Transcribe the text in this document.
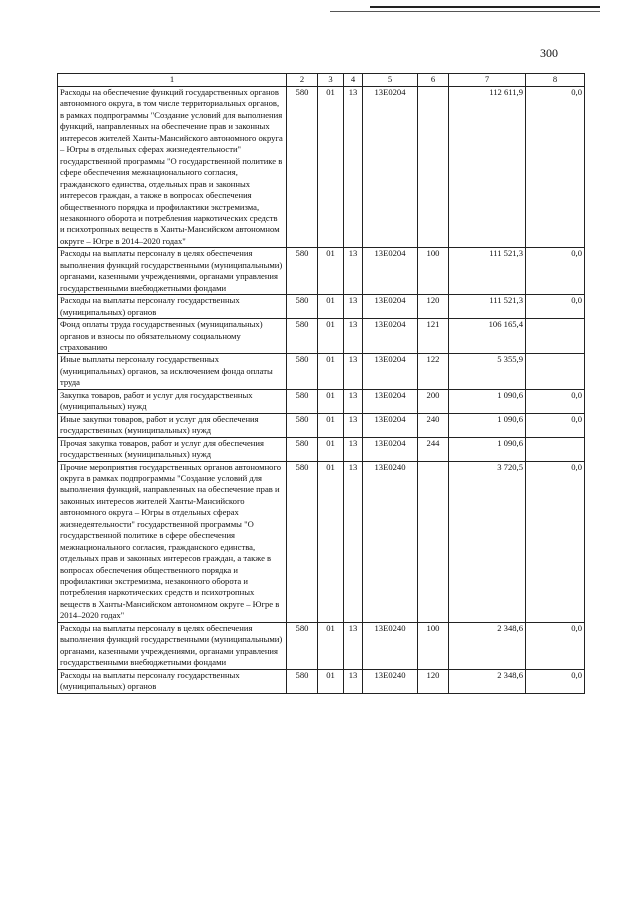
300
1	2	3	4	5	6	7	8
Расходы на обеспечение функций государственных органов автономного округа, в том числе территориальных органов, в рамках подпрограммы "Создание условий для выполнения функций, направленных на обеспечение прав и законных интересов жителей Ханты-Мансийского автономного округа – Югры в отдельных сферах жизнедеятельности" государственной программы "О государственной политике в сфере обеспечения межнационального согласия, гражданского единства, отдельных прав и законных интересов граждан, а также в вопросах обеспечения общественного порядка и профилактики экстремизма, незаконного оборота и потребления наркотических средств и психотропных веществ в Ханты-Мансийском автономном округе – Югре в 2014–2020 годах"	580	01	13	13Е0204		112 611,9	0,0
Расходы на выплаты персоналу в целях обеспечения выполнения функций государственными (муниципальными) органами, казенными учреждениями, органами управления государственными внебюджетными фондами	580	01	13	13Е0204	100	111 521,3	0,0
Расходы на выплаты персоналу государственных (муниципальных) органов	580	01	13	13Е0204	120	111 521,3	0,0
Фонд оплаты труда государственных (муниципальных) органов и взносы по обязательному социальному страхованию	580	01	13	13Е0204	121	106 165,4	
Иные выплаты персоналу государственных (муниципальных) органов, за исключением фонда оплаты труда	580	01	13	13Е0204	122	5 355,9	
Закупка товаров, работ и услуг для государственных (муниципальных) нужд	580	01	13	13Е0204	200	1 090,6	0,0
Иные закупки товаров, работ и услуг для обеспечения государственных (муниципальных) нужд	580	01	13	13Е0204	240	1 090,6	0,0
Прочая закупка товаров, работ и услуг для обеспечения государственных (муниципальных) нужд	580	01	13	13Е0204	244	1 090,6	
Прочие мероприятия государственных органов автономного округа в рамках подпрограммы "Создание условий для выполнения функций, направленных на обеспечение прав и законных интересов жителей Ханты-Мансийского автономного округа – Югры в отдельных сферах жизнедеятельности" государственной программы "О государственной политике в сфере обеспечения межнационального согласия, гражданского единства, отдельных прав и законных интересов граждан, а также в вопросах обеспечения общественного порядка и профилактики экстремизма, незаконного оборота и потребления наркотических средств и психотропных веществ в Ханты-Мансийском автономном округе – Югре в 2014–2020 годах"	580	01	13	13Е0240		3 720,5	0,0
Расходы на выплаты персоналу в целях обеспечения выполнения функций государственными (муниципальными) органами, казенными учреждениями, органами управления государственными внебюджетными фондами	580	01	13	13Е0240	100	2 348,6	0,0
Расходы на выплаты персоналу государственных (муниципальных) органов	580	01	13	13Е0240	120	2 348,6	0,0
